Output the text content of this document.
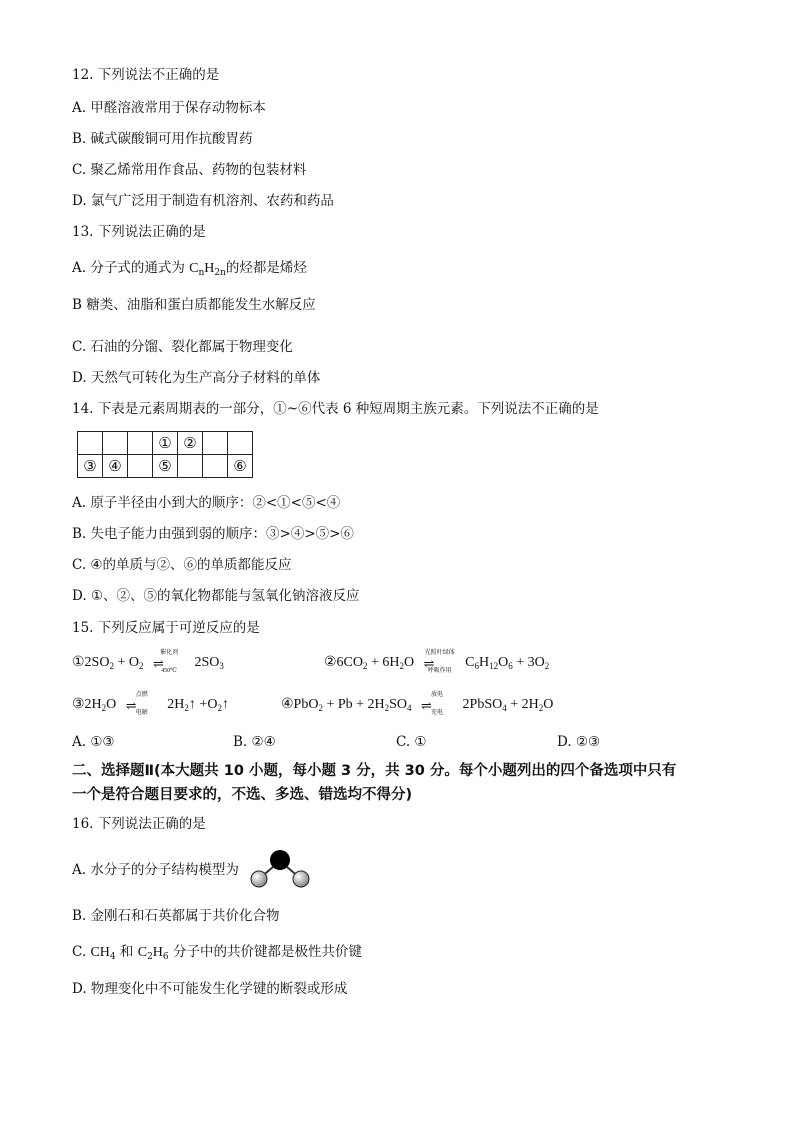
12. 下列说法不正确的是
A. 甲醛溶液常用于保存动物标本
B. 碱式碳酸铜可用作抗酸胃药
C. 聚乙烯常用作食品、药物的包装材料
D. 氯气广泛用于制造有机溶剂、农药和药品
13. 下列说法正确的是
A. 分子式的通式为 $C_nH_{2n}$的烃都是烯烃
B 糖类、油脂和蛋白质都能发生水解反应
C. 石油的分馏、裂化都属于物理变化
D. 天然气可转化为生产高分子材料的单体
14. 下表是元素周期表的一部分，①~⑥代表 6 种短周期主族元素。下列说法不正确的是
			①	②		
③	④		⑤			⑥
A. 原子半径由小到大的顺序：②<①<⑤<④
B. 失电子能力由强到弱的顺序：③>④>⑤>⑥
C. ④的单质与②、⑥的单质都能反应
D. ①、②、⑤的氧化物都能与氢氧化钠溶液反应
15. 下列反应属于可逆反应的是
$①2SO_2 + O_2$
催化剂
⇌
450℃
$2SO_3$	$②6CO_2 + 6H_2O$
光照叶绿体
⇌
呼吸作用
$C_6H_{12}O_6 + 3O_2$
$③2H_2O$
点燃
⇌ 电解
$2H_2↑$ $+O_2↑$	④PbO$_2$ + $Pb + 2H_2SO_4$
放电
⇌ 充电
2PbSO$_4$ + $2H_2O$
A. ①③	B. ②④	C. ①	D. ②③
二、选择题Ⅱ(本大题共 10 小题，每小题 3 分，共 30 分。每个小题列出的四个备选项中只有
一个是符合题目要求的，不选、多选、错选均不得分)
16. 下列说法正确的是
A. 水分子的分子结构模型为
B. 金刚石和石英都属于共价化合物
C. $CH_4$ 和 $C_2H_6$ 分子中的共价键都是极性共价键
D. 物理变化中不可能发生化学键的断裂或形成
